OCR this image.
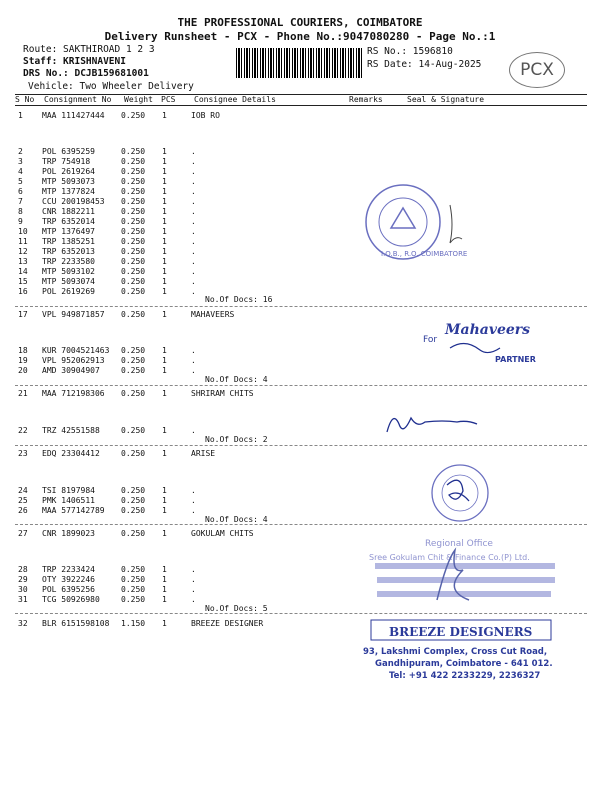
THE PROFESSIONAL COURIERS, COIMBATORE
Delivery Runsheet - PCX - Phone No.:9047080280 - Page No.:1
Route: SAKTHIROAD 1 2 3
Staff: KRISHNAVENI
DRS No.: DCJB159681001
Vehicle: Two Wheeler Delivery
RS No.: 1596810
RS Date: 14-Aug-2025	PCX
S No Consignment No Weight PCS Consignee Details	Remarks	Seal & Signature
1 MAA 111427444 0.250 1	IOB RO
2 POL 6395259	0.250 1	.
3 TRP 754918	0.250 1	.
4 POL 2619264	0.250 1	.
5 MTP 5093073	0.250 1	.
6 MTP 1377824	0.250 1	.
7 CCU 200198453 0.250 1	.
8 CNR 1882211	0.250 1	.
9 TRP 6352014	0.250 1	.
10 MTP 1376497	0.250 1	.
11 TRP 1385251	0.250 1	.
12 TRP 6352013	0.250 1	.
13 TRP 2233580	0.250 1	.
14 MTP 5093102	0.250 1	.
15 MTP 5093074	0.250 1	.
16 POL 2619269	0.250 1	.
17 VPL 949871857 0.250 1	MAHAVEERS
18 KUR 7004521463 0.250 1	.
19 VPL 952062913 0.250 1	.
20 AMD 30904907	0.250 1	.
21 MAA 712198306 0.250 1	SHRIRAM CHITS
22 TRZ 42551588	0.250 1	.
23 EDQ 23304412	0.250 1	ARISE
24 TSI 8197984	0.250 1	.
25 PMK 1406511	0.250 1	.
26 MAA 577142789 0.250 1	.
27 CNR 1899023	0.250 1	GOKULAM CHITS
28 TRP 2233424	0.250 1	.
29 OTY 3922246	0.250 1	.
30 POL 6395256	0.250 1	.
31 TCG 50926980	0.250 1	.
32 BLR 6151598108 1.150 1	BREEZE DESIGNER
No.Of Docs: 16
No.Of Docs: 4
No.Of Docs: 2
No.Of Docs: 4
No.Of Docs: 5
I.O.B., R.O. COIMBATORE
For
Mahaveers
PARTNER
Regional Office
Sree Gokulam Chit & Finance Co.(P) Ltd.
BREEZE DESIGNERS
93, Lakshmi Complex, Cross Cut Road,
Gandhipuram, Coimbatore - 641 012.
Tel: +91 422 2233229, 2236327
